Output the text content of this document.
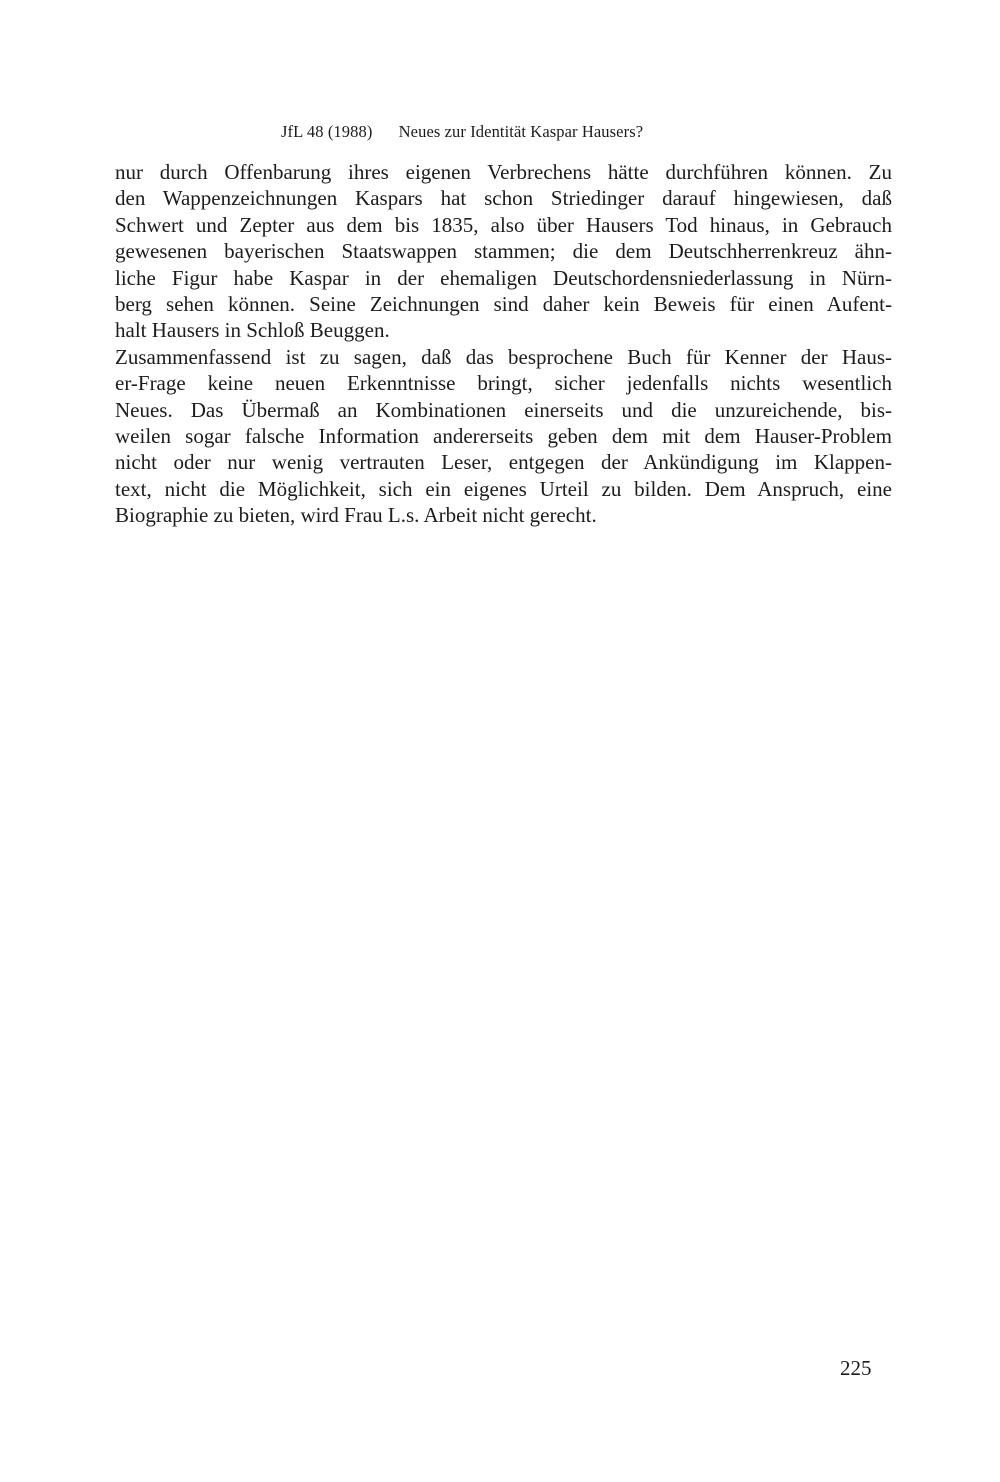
JfL 48 (1988) Neues zur Identität Kaspar Hausers?
nur durch Offenbarung ihres eigenen Verbrechens hätte durchführen können. Zu
den Wappenzeichnungen Kaspars hat schon Striedinger darauf hingewiesen, daß
Schwert und Zepter aus dem bis 1835, also über Hausers Tod hinaus, in Gebrauch
gewesenen bayerischen Staatswappen stammen; die dem Deutschherrenkreuz ähn-
liche Figur habe Kaspar in der ehemaligen Deutschordensniederlassung in Nürn-
berg sehen können. Seine Zeichnungen sind daher kein Beweis für einen Aufent-
halt Hausers in Schloß Beuggen.
Zusammenfassend ist zu sagen, daß das besprochene Buch für Kenner der Haus-
er-Frage keine neuen Erkenntnisse bringt, sicher jedenfalls nichts wesentlich
Neues. Das Übermaß an Kombinationen einerseits und die unzureichende, bis-
weilen sogar falsche Information andererseits geben dem mit dem Hauser-Problem
nicht oder nur wenig vertrauten Leser, entgegen der Ankündigung im Klappen-
text, nicht die Möglichkeit, sich ein eigenes Urteil zu bilden. Dem Anspruch, eine
Biographie zu bieten, wird Frau L.s. Arbeit nicht gerecht.
225
